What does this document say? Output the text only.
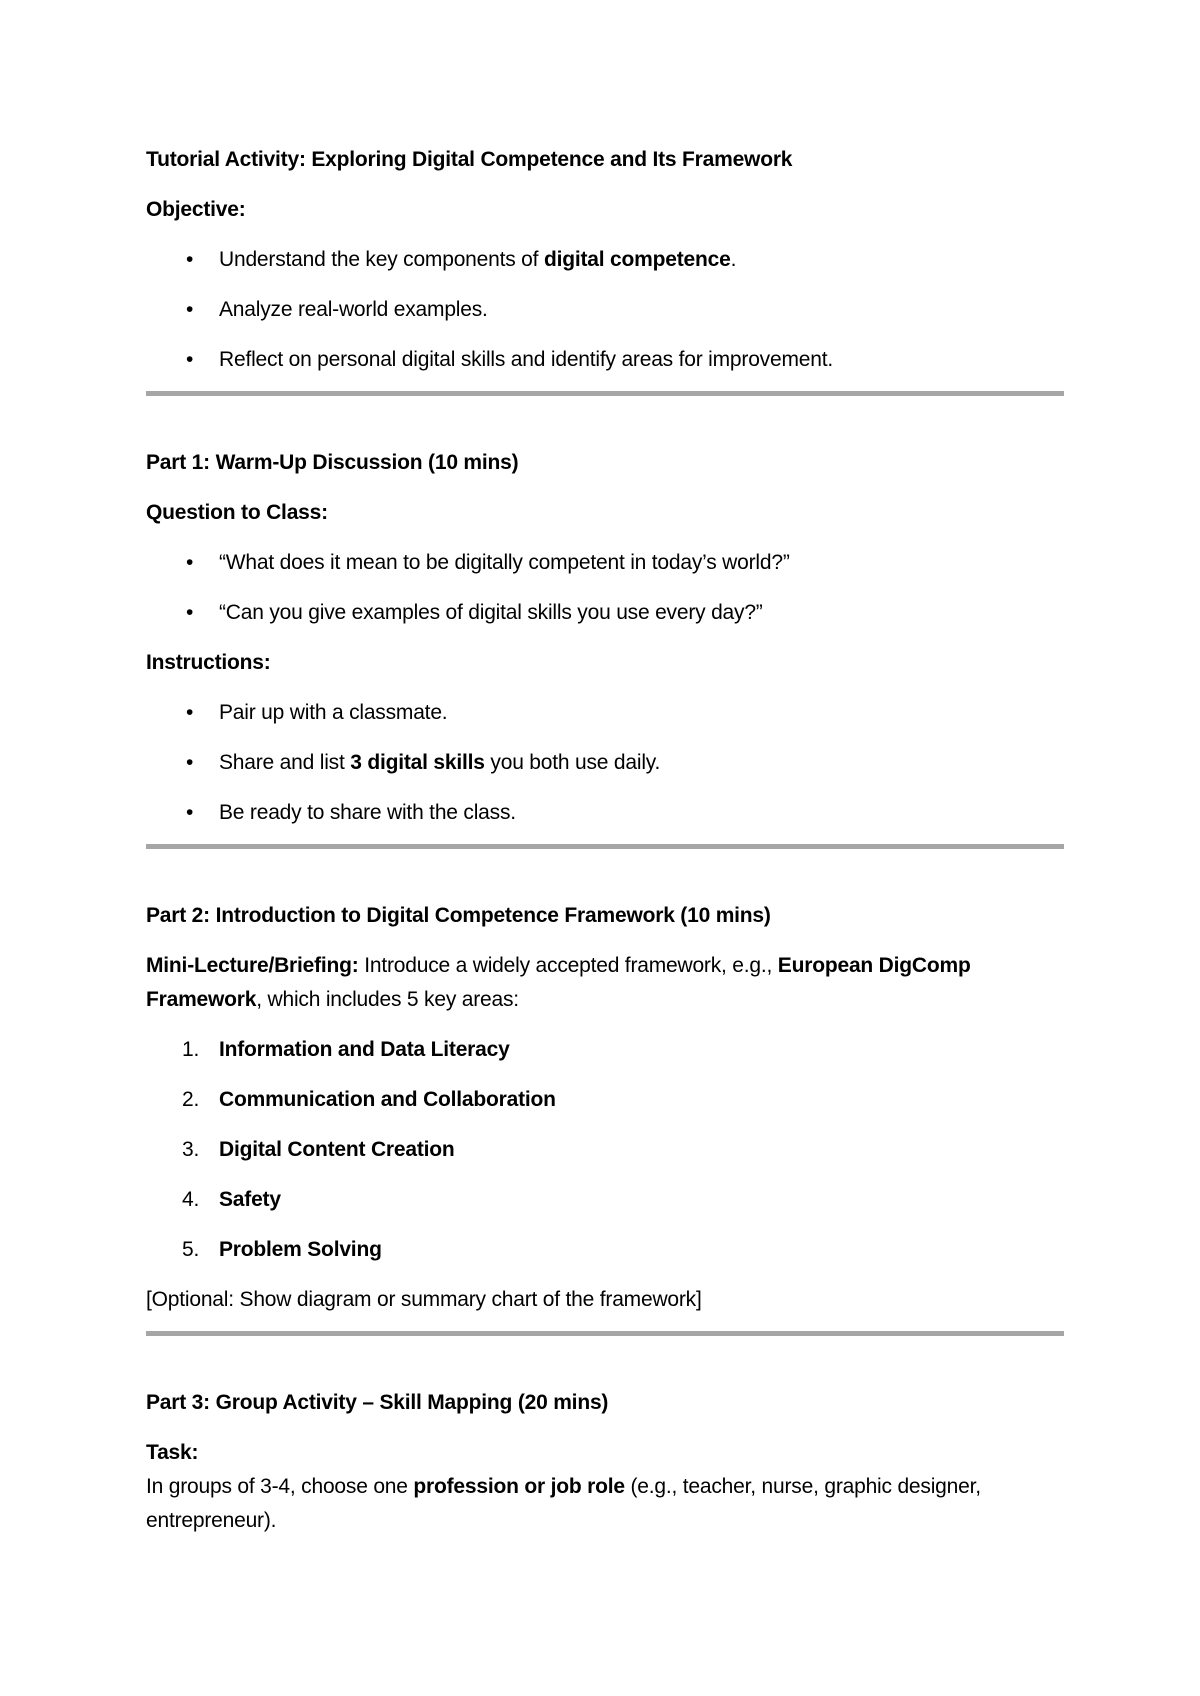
Tutorial Activity: Exploring Digital Competence and Its Framework

Objective:

• Understand the key components of digital competence.
• Analyze real-world examples.
• Reflect on personal digital skills and identify areas for improvement.

Part 1: Warm-Up Discussion (10 mins)

Question to Class:

• “What does it mean to be digitally competent in today’s world?”
• “Can you give examples of digital skills you use every day?”

Instructions:

• Pair up with a classmate.
• Share and list 3 digital skills you both use daily.
• Be ready to share with the class.

Part 2: Introduction to Digital Competence Framework (10 mins)

Mini-Lecture/Briefing: Introduce a widely accepted framework, e.g., European DigComp Framework, which includes 5 key areas:

1. Information and Data Literacy
2. Communication and Collaboration
3. Digital Content Creation
4. Safety
5. Problem Solving

[Optional: Show diagram or summary chart of the framework]

Part 3: Group Activity – Skill Mapping (20 mins)

Task:

In groups of 3-4, choose one profession or job role (e.g., teacher, nurse, graphic designer, entrepreneur).
